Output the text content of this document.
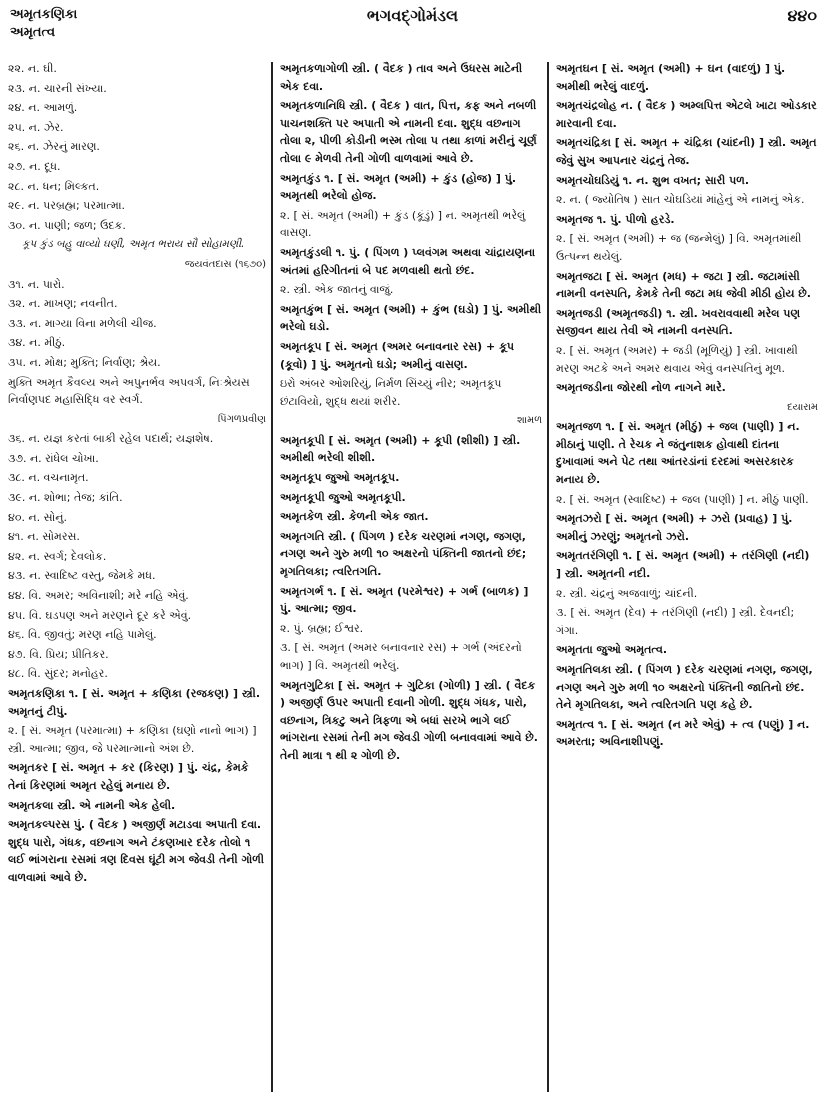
અમૃતકણિકા
અમૃતત્વ
ભગવદ્ગોમંડલ	૪૪૦

૨૨. ન. ઘી.

૨૩. ન. ચારની સંખ્યા.

૨૪. ન. આમળું.

૨૫. ન. ઝેર.

૨૬. ન. ઝેરનું મારણ.

૨૭. ન. દૂધ.

૨૮. ન. ધન; મિલ્કત.

૨૯. ન. પરબ્રહ્મ; પરમાત્મા.

૩૦. ન. પાણી; જળ; ઉદક.

કૂપ કુંડ બહુ વાવ્યો ઘણી, અમૃત ભરાય સૌ સોહામણી.

જયવંતદાસ (૧૬૭૦)

૩૧. ન. પારો.

૩૨. ન. માખણ; નવનીત.

૩૩. ન. માગ્યા વિના મળેલી ચીજ.

૩૪. ન. મીઠું.

૩૫. ન. મોક્ષ; મુક્તિ; નિર્વાણ; શ્રેય.

મુક્તિ અમૃત કૈવલ્ય અને અપુનર્ભવ અપવર્ગ, નિઃશ્રેયસ નિર્વાણપદ મહાસિદ્ધિ વર સ્વર્ગ.

પિંગળપ્રવીણ

૩૬. ન. યજ્ઞ કરતાં બાકી રહેલ પદાર્થ; યજ્ઞશેષ.

૩૭. ન. રાંધેલ ચોખા.

૩૮. ન. વચનામૃત.

૩૯. ન. શોભા; તેજ; કાંતિ.

૪૦. ન. સોનું.

૪૧. ન. સોમરસ.

૪૨. ન. સ્વર્ગ; દેવલોક.

૪૩. ન. સ્વાદિષ્ટ વસ્તુ, જેમકે મધ.

૪૪. વિ. અમર; અવિનાશી; મરે નહિ એવું.

૪૫. વિ. ઘડપણ અને મરણને દૂર કરે એવું.

૪૬. વિ. જીવતું; મરણ નહિ પામેલું.

૪૭. વિ. પ્રિય; પ્રીતિકર.

૪૮. વિ. સુંદર; મનોહર.

અમૃતકણિકા ૧. [ સં. અમૃત + કણિકા (રજકણ) ] સ્ત્રી. અમૃતનું ટીપું.

૨. [ સં. અમૃત (પરમાત્મા) + કણિકા (ઘણો નાનો ભાગ) ] સ્ત્રી. આત્મા; જીવ, જે પરમાત્માનો અંશ છે.

અમૃતકર [ સં. અમૃત + કર (કિરણ) ] પું. ચંદ્ર, કેમકે તેનાં કિરણમાં અમૃત રહેલું મનાય છે.

અમૃતકલા સ્ત્રી. એ નામની એક હેલી.

અમૃતકલ્પરસ પું. ( વૈદક ) અજીર્ણ મટાડવા અપાતી દવા. શુદ્ધ પારો, ગંધક, વછનાગ અને ટંકણખાર દરેક તોલો ૧ લઈ ભાંગરાના રસમાં ત્રણ દિવસ ઘૂંટી મગ જેવડી તેની ગોળી વાળવામાં આવે છે.

અમૃતકળાગોળી સ્ત્રી. ( વૈદક ) તાવ અને ઉધરસ માટેની એક દવા.

અમૃતકળાનિધિ સ્ત્રી. ( વૈદક ) વાત, પિત્ત, કફ અને નબળી પાચનશક્તિ પર અપાતી એ નામની દવા. શુદ્ધ વછનાગ તોલા ૨, પીળી કોડીની ભસ્મ તોલા ૫ તથા કાળાં મરીનું ચૂર્ણ તોલા ૯ મેળવી તેની ગોળી વાળવામાં આવે છે.

અમૃતકુંડ ૧. [ સં. અમૃત (અમી) + કુંડ (હોજ) ] પું. અમૃતથી ભરેલો હોજ.

૨. [ સં. અમૃત (અમી) + કુંડ (કૂંડું) ] ન. અમૃતથી ભરેલું વાસણ.

અમૃતકુંડલી ૧. પું. ( પિંગળ ) પ્લવંગમ અથવા ચાંદ્રાયણના અંતમાં હરિગીતનાં બે પદ મળવાથી થતો છંદ.

૨. સ્ત્રી. એક જાતનું વાજું.

અમૃતકુંભ [ સં. અમૃત (અમી) + કુંભ (ઘડો) ] પું. અમીથી ભરેલો ઘડો.

અમૃતકૂપ [ સં. અમૃત (અમર બનાવનાર રસ) + કૂપ (કૂવો) ] પું. અમૃતનો ઘડો; અમીનું વાસણ.

ઇરો અંબર ઓશરિયું, નિર્મળ સિંચ્યું નીર; અમૃતકૂપ છંટાવિયો, શુદ્ધ થયાં શરીર.

શામળ

અમૃતકૂપી [ સં. અમૃત (અમી) + કૂપી (શીશી) ] સ્ત્રી. અમીથી ભરેલી શીશી.

અમૃતકૂપ જુઓ અમૃતકૂપ.

અમૃતકૂપી જુઓ અમૃતકૂપી.

અમૃતકેળ સ્ત્રી. કેળની એક જાત.

અમૃતગતિ સ્ત્રી. ( પિંગળ ) દરેક ચરણમાં નગણ, જગણ, નગણ અને ગુરુ મળી ૧૦ અક્ષરનો પંક્તિની જાતનો છંદ; મૃગતિલકા; ત્વરિતગતિ.

અમૃતગર્ભ ૧. [ સં. અમૃત (પરમેશ્વર) + ગર્ભ (બાળક) ] પું. આત્મા; જીવ.

૨. પું. બ્રહ્મ; ઈશ્વર.

૩. [ સં. અમૃત (અમર બનાવનાર રસ) + ગર્ભ (અંદરનો ભાગ) ] વિ. અમૃતથી ભરેલું.

અમૃતગુટિકા [ સં. અમૃત + ગુટિકા (ગોળી) ] સ્ત્રી. ( વૈદક ) અજીર્ણ ઉપર અપાતી દવાની ગોળી. શુદ્ધ ગંધક, પારો, વછનાગ, ત્રિકટુ અને ત્રિફળા એ બધાં સરખે ભાગે લઈ ભાંગરાના રસમાં તેની મગ જેવડી ગોળી બનાવવામાં આવે છે. તેની માત્રા ૧ થી ૨ ગોળી છે.

અમૃતઘન [ સં. અમૃત (અમી) + ઘન (વાદળું) ] પું. અમીથી ભરેલું વાદળું.

અમૃતચંદ્રલોહ ન. ( વૈદક ) અમ્લપિત્ત એટલે ખાટા ઓડકાર મારવાની દવા.

અમૃતચંદ્રિકા [ સં. અમૃત + ચંદ્રિકા (ચાંદની) ] સ્ત્રી. અમૃત જેવું સુખ આપનાર ચંદ્રનું તેજ.

અમૃતચોઘડિયું ૧. ન. શુભ વખત; સારી પળ.

૨. ન. ( જ્યોતિષ ) સાત ચોઘડિયાં માંહેનું એ નામનું એક.

અમૃતજ ૧. પું. પીળો હરડે.

૨. [ સં. અમૃત (અમી) + જ (જન્મેલું) ] વિ. અમૃતમાંથી ઉત્પન્ન થયેલું.

અમૃતજટા [ સં. અમૃત (મધ) + જટા ] સ્ત્રી. જટામાંસી નામની વનસ્પતિ, કેમકે તેની જટા મધ જેવી મીઠી હોય છે.

અમૃતજડી (અમૃતજડી) ૧. સ્ત્રી. ખવરાવવાથી મરેલ પણ સજીવન થાય તેવી એ નામની વનસ્પતિ.

૨. [ સં. અમૃત (અમર) + જડી (મૂળિયું) ] સ્ત્રી. ખાવાથી મરણ અટકે અને અમર થવાય એવું વનસ્પતિનું મૂળ.

અમૃતજડીના જોરથી નોળ નાગને મારે.

દયારામ

અમૃતજળ ૧. [ સં. અમૃત (મીઠું) + જલ (પાણી) ] ન. મીઠાનું પાણી. તે રેચક ને જંતુનાશક હોવાથી દાંતના દુખાવામાં અને પેટ તથા આંતરડાંનાં દરદમાં અસરકારક મનાય છે.

૨. [ સં. અમૃત (સ્વાદિષ્ટ) + જલ (પાણી) ] ન. મીઠું પાણી.

અમૃતઝરો [ સં. અમૃત (અમી) + ઝરો (પ્રવાહ) ] પું. અમીનું ઝરણું; અમૃતનો ઝરો.

અમૃતતરંગિણી ૧. [ સં. અમૃત (અમી) + તરંગિણી (નદી) ] સ્ત્રી. અમૃતની નદી.

૨. સ્ત્રી. ચંદ્રનું અજવાળું; ચાંદની.

૩. [ સં. અમૃત (દેવ) + તરંગિણી (નદી) ] સ્ત્રી. દેવનદી; ગંગા.

અમૃતતા જુઓ અમૃતત્વ.

અમૃતતિલકા સ્ત્રી. ( પિંગળ ) દરેક ચરણમાં નગણ, જગણ, નગણ અને ગુરુ મળી ૧૦ અક્ષરનો પંક્તિની જાતિનો છંદ. તેને મૃગતિલકા, અને ત્વરિતગતિ પણ કહે છે.

અમૃતત્વ ૧. [ સં. અમૃત (ન મરે એવું) + ત્વ (પણું) ] ન. અમરતા; અવિનાશીપણું.
